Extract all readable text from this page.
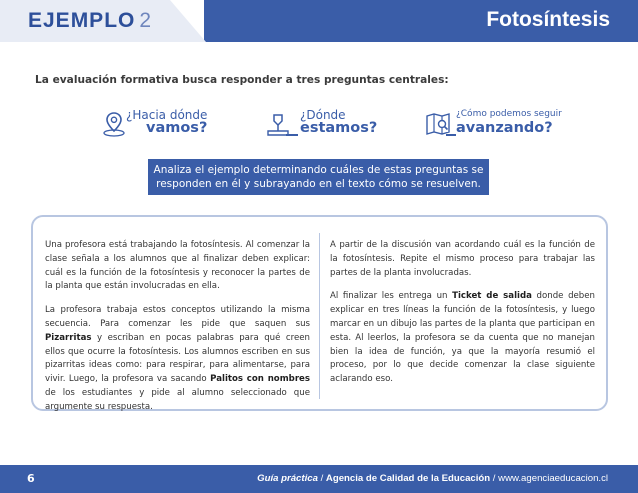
EJEMPLO 2	Fotosíntesis
La evaluación formativa busca responder a tres preguntas centrales:
¿Hacia dónde
vamos?
¿Dónde
estamos?
¿Cómo podemos seguir
avanzando?
Analiza el ejemplo determinando cuáles de estas preguntas se
responden en él y subrayando en el texto cómo se resuelven.

Una profesora está trabajando la fotosíntesis. Al comenzar la clase señala a los alumnos que al finalizar deben explicar: cuál es la función de la fotosíntesis y reconocer la partes de la planta que están involucradas en ella.

La profesora trabaja estos conceptos utilizando la misma secuencia. Para comenzar les pide que saquen sus Pizarritas y escriban en pocas palabras para qué creen ellos que ocurre la fotosíntesis. Los alumnos escriben en sus pizarritas ideas como: para respirar, para alimentarse, para vivir. Luego, la profesora va sacando Palitos con nombres de los estudiantes y pide al alumno seleccionado que argumente su respuesta.

A partir de la discusión van acordando cuál es la función de la fotosíntesis. Repite el mismo proceso para trabajar las partes de la planta involucradas.

Al finalizar les entrega un Ticket de salida donde deben explicar en tres líneas la función de la fotosíntesis, y luego marcar en un dibujo las partes de la planta que participan en esta. Al leerlos, la profesora se da cuenta que no manejan bien la idea de función, ya que la mayoría resumió el proceso, por lo que decide comenzar la clase siguiente aclarando eso.

6	Guía práctica / Agencia de Calidad de la Educación / www.agenciaeducacion.cl
